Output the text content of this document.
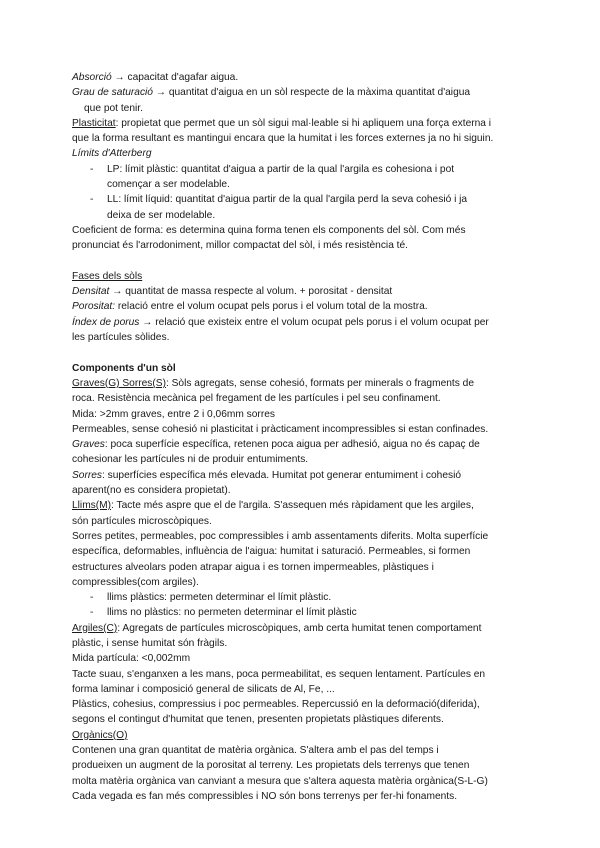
Absorció → capacitat d'agafar aigua.
Grau de saturació → quantitat d'aigua en un sòl respecte de la màxima quantitat d'aigua
que pot tenir.
Plasticitat: propietat que permet que un sòl sigui mal·leable si hi apliquem una força externa i
que la forma resultant es mantingui encara que la humitat i les forces externes ja no hi siguin.
Límits d'Atterberg
- LP: límit plàstic: quantitat d'aigua a partir de la qual l'argila es cohesiona i pot
començar a ser modelable.
- LL: límit líquid: quantitat d'aigua partir de la qual l'argila perd la seva cohesió i ja
deixa de ser modelable.
Coeficient de forma: es determina quina forma tenen els components del sòl. Com més
pronunciat és l'arrodoniment, millor compactat del sòl, i més resistència té.
Fases dels sòls
Densitat → quantitat de massa respecte al volum. + porositat - densitat
Porositat: relació entre el volum ocupat pels porus i el volum total de la mostra.
Índex de porus → relació que existeix entre el volum ocupat pels porus i el volum ocupat per
les partícules sòlides.
Components d'un sòl
Graves(G) Sorres(S): Sòls agregats, sense cohesió, formats per minerals o fragments de
roca. Resistència mecànica pel fregament de les partícules i pel seu confinament.
Mida: >2mm graves, entre 2 i 0,06mm sorres
Permeables, sense cohesió ni plasticitat i pràcticament incompressibles si estan confinades.
Graves: poca superfície específica, retenen poca aigua per adhesió, aigua no és capaç de
cohesionar les partícules ni de produir entumiments.
Sorres: superfícies específica més elevada. Humitat pot generar entumiment i cohesió
aparent(no es considera propietat).
Llims(M): Tacte més aspre que el de l'argila. S'assequen més ràpidament que les argiles,
són partícules microscòpiques.
Sorres petites, permeables, poc compressibles i amb assentaments diferits. Molta superfície
específica, deformables, influència de l'aigua: humitat i saturació. Permeables, si formen
estructures alveolars poden atrapar aigua i es tornen impermeables, plàstiques i
compressibles(com argiles).
- llims plàstics: permeten determinar el límit plàstic.
- llims no plàstics: no permeten determinar el límit plàstic
Argiles(C): Agregats de partícules microscòpiques, amb certa humitat tenen comportament
plàstic, i sense humitat són fràgils.
Mida partícula: <0,002mm
Tacte suau, s'enganxen a les mans, poca permeabilitat, es sequen lentament. Partícules en
forma laminar i composició general de silicats de Al, Fe, ...
Plàstics, cohesius, compressius i poc permeables. Repercussió en la deformació(diferida),
segons el contingut d'humitat que tenen, presenten propietats plàstiques diferents.
Orgànics(O)
Contenen una gran quantitat de matèria orgànica. S'altera amb el pas del temps i
produeixen un augment de la porositat al terreny. Les propietats dels terrenys que tenen
molta matèria orgànica van canviant a mesura que s'altera aquesta matèria orgànica(S-L-G)
Cada vegada es fan més compressibles i NO són bons terrenys per fer-hi fonaments.
